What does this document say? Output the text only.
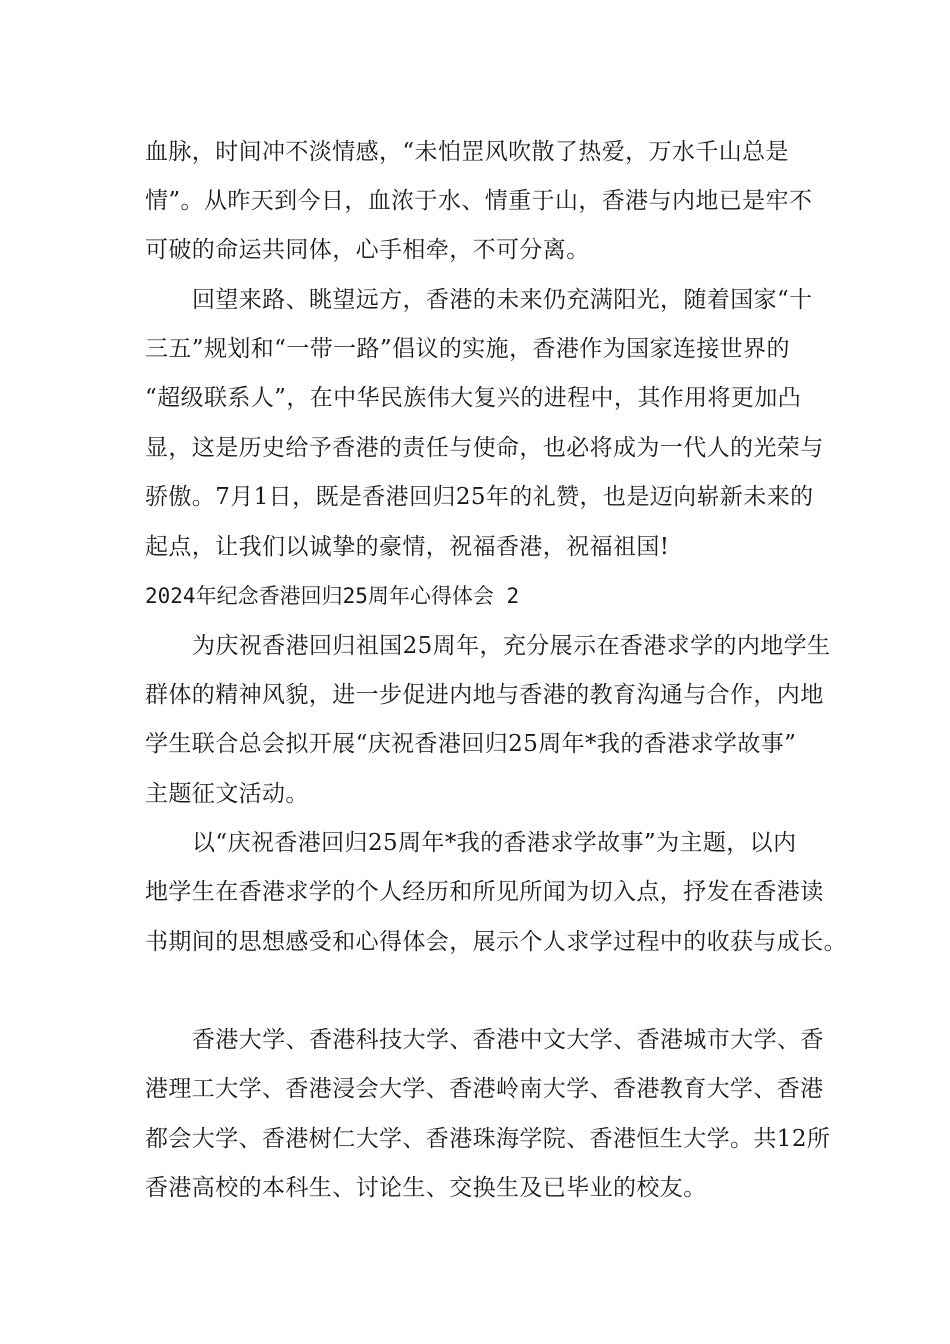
血脉，时间冲不淡情感，“未怕罡风吹散了热爱，万水千山总是
情”。从昨天到今日，血浓于水、情重于山，香港与内地已是牢不
可破的命运共同体，心手相牵，不可分离。
回望来路、眺望远方，香港的未来仍充满阳光，随着国家“十
三五”规划和“一带一路”倡议的实施，香港作为国家连接世界的
“超级联系人”，在中华民族伟大复兴的进程中，其作用将更加凸
显，这是历史给予香港的责任与使命，也必将成为一代人的光荣与
骄傲。7月1日，既是香港回归25年的礼赞，也是迈向崭新未来的
起点，让我们以诚挚的豪情，祝福香港，祝福祖国!
2024年纪念香港回归25周年心得体会 2
为庆祝香港回归祖国25周年，充分展示在香港求学的内地学生
群体的精神风貌，进一步促进内地与香港的教育沟通与合作，内地
学生联合总会拟开展“庆祝香港回归25周年*我的香港求学故事”
主题征文活动。
以“庆祝香港回归25周年*我的香港求学故事”为主题，以内
地学生在香港求学的个人经历和所见所闻为切入点，抒发在香港读
书期间的思想感受和心得体会，展示个人求学过程中的收获与成长。
香港大学、香港科技大学、香港中文大学、香港城市大学、香
港理工大学、香港浸会大学、香港岭南大学、香港教育大学、香港
都会大学、香港树仁大学、香港珠海学院、香港恒生大学。共12所
香港高校的本科生、讨论生、交换生及已毕业的校友。
